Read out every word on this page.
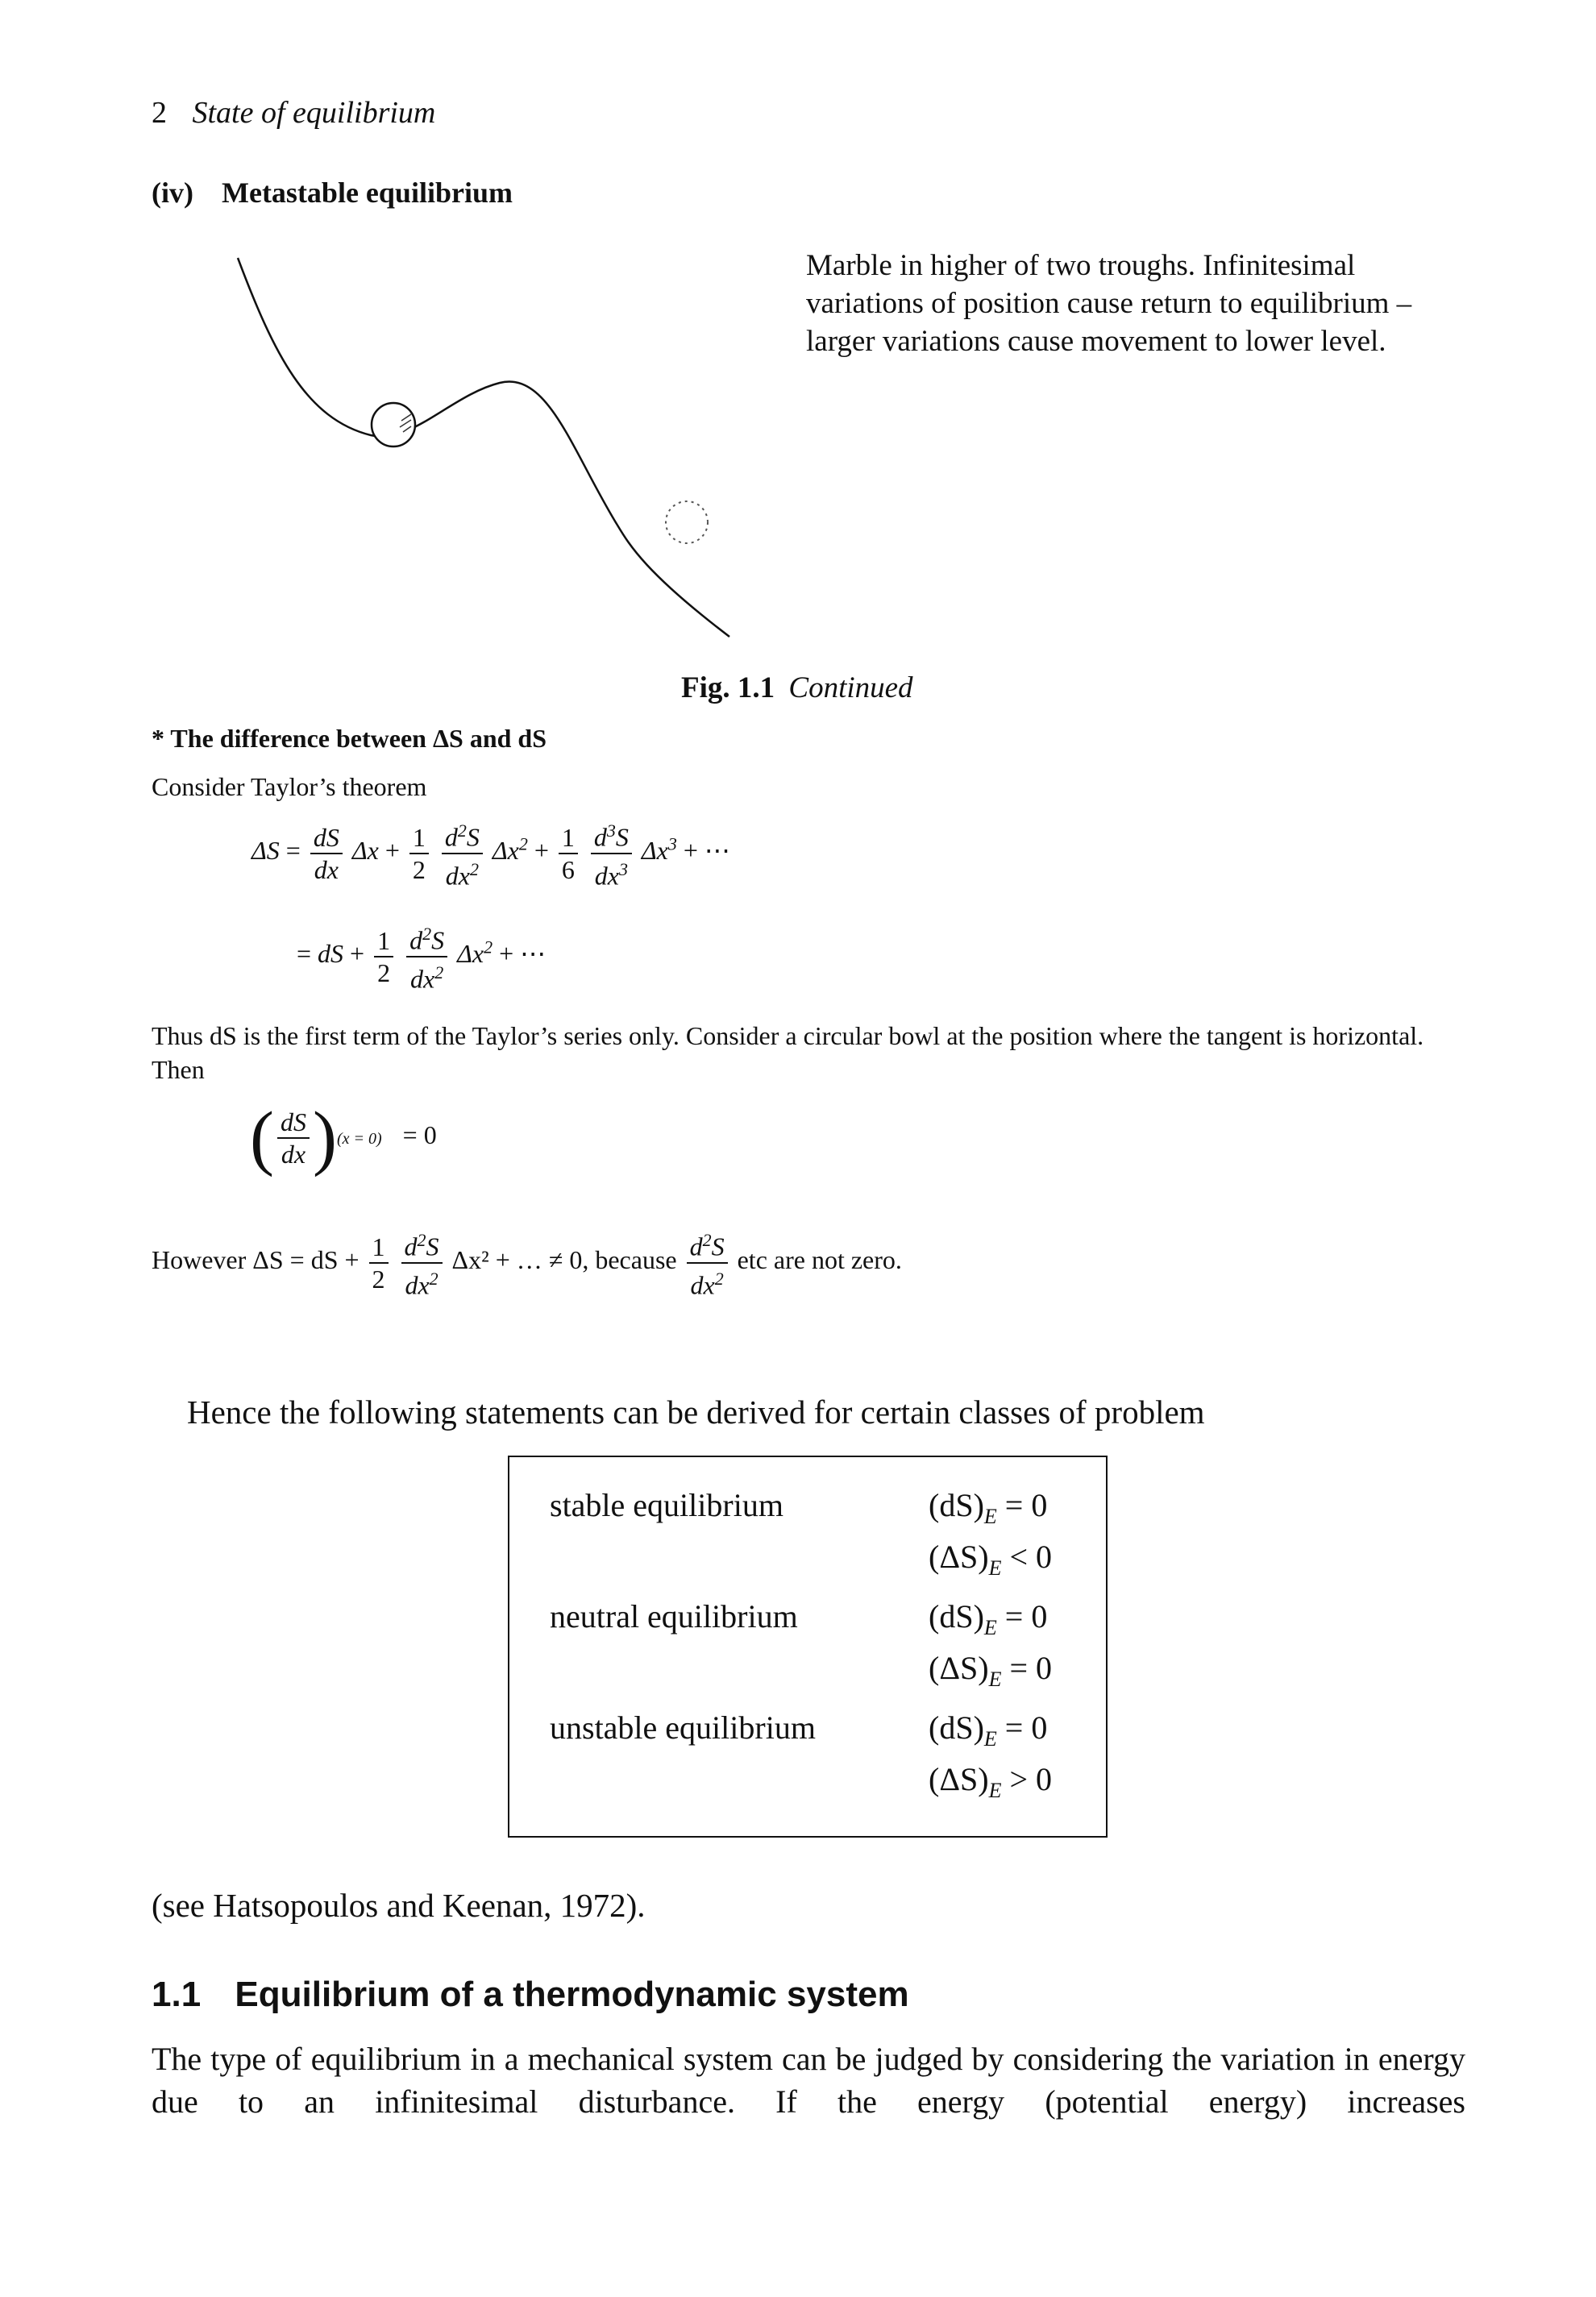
2 State of equilibrium
(iv) Metastable equilibrium
Marble in higher of two troughs. Infinitesimal variations of position cause return to equilibrium – larger variations cause movement to lower level.
Fig. 1.1 Continued
* The difference between ΔS and dS
Consider Taylor’s theorem
$\Delta S = \frac{dS}{dx}$ $\Delta x + \frac{1}{2}$
$\frac{d^2S}{dx^2} \Delta x^2 + \frac{1}{6}$
$\frac{d^3S}{dx^3} \Delta x^3$ + ⋯
= dS + $\frac{1}{2}$
$\frac{d^2S}{dx^2} \Delta x^2$ + ⋯
Thus dS is the first term of the Taylor’s series only. Consider a circular bowl at the position where the tangent is horizontal. Then
( $\frac{dS}{dx} )(x = 0) = 0$
However ΔS = dS + $\frac{1}{2}$
$\frac{d^2S}{dx^2} \Delta x^2$ + … ≠ 0, because $\frac{d^2S}{dx^2}$ etc are not zero.
Hence the following statements can be derived for certain classes of problem
stable equilibrium	$(dS)_E = 0$
$(\Delta S)_E < 0$
neutral equilibrium	$(dS)_E = 0$
$(\Delta S)_E = 0$
unstable equilibrium	$(dS)_E = 0$
$(\Delta S)_E > 0$
(see Hatsopoulos and Keenan, 1972).
1.1 Equilibrium of a thermodynamic system
The type of equilibrium in a mechanical system can be judged by considering the variation in energy due to an infinitesimal disturbance. If the energy (potential energy) increases
